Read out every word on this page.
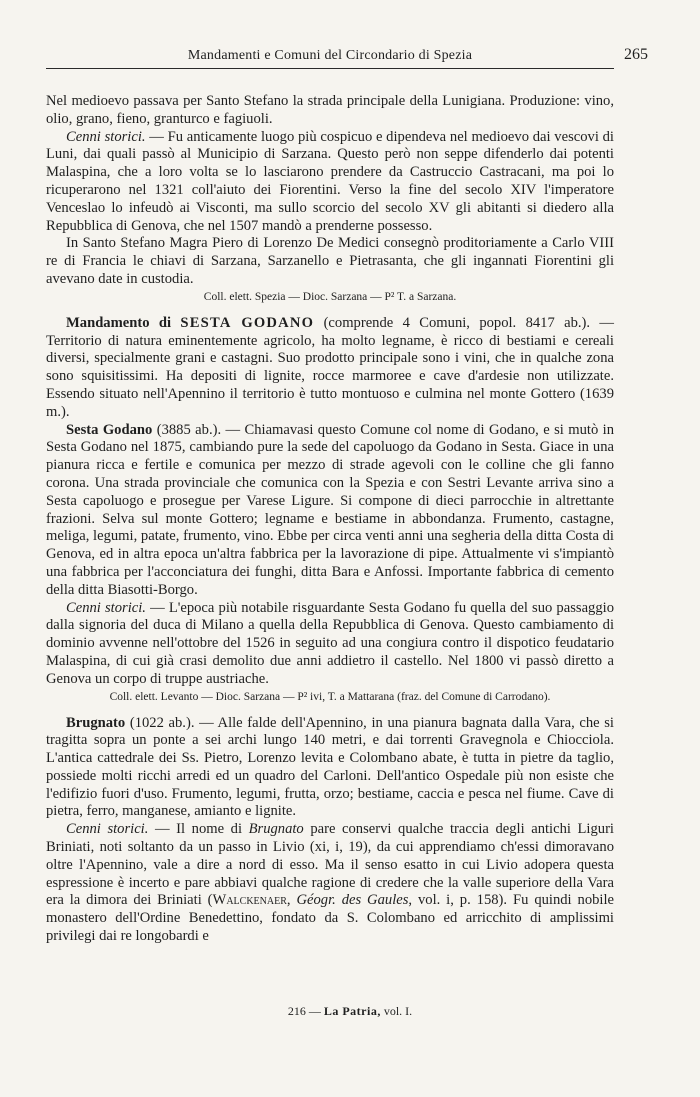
Mandamenti e Comuni del Circondario di Spezia	265

Nel medioevo passava per Santo Stefano la strada principale della Lunigiana. Produzione: vino, olio, grano, fieno, granturco e fagiuoli.

Cenni storici. — Fu anticamente luogo più cospicuo e dipendeva nel medioevo dai vescovi di Luni, dai quali passò al Municipio di Sarzana. Questo però non seppe difenderlo dai potenti Malaspina, che a loro volta se lo lasciarono prendere da Castruccio Castracani, ma poi lo ricuperarono nel 1321 coll'aiuto dei Fiorentini. Verso la fine del secolo XIV l'imperatore Venceslao lo infeudò ai Visconti, ma sullo scorcio del secolo XV gli abitanti si diedero alla Repubblica di Genova, che nel 1507 mandò a prenderne possesso.

In Santo Stefano Magra Piero di Lorenzo De Medici consegnò proditoriamente a Carlo VIII re di Francia le chiavi di Sarzana, Sarzanello e Pietrasanta, che gli ingannati Fiorentini gli avevano date in custodia.

Coll. elett. Spezia — Dioc. Sarzana — P² T. a Sarzana.

Mandamento di SESTA GODANO (comprende 4 Comuni, popol. 8417 ab.). — Territorio di natura eminentemente agricolo, ha molto legname, è ricco di bestiami e cereali diversi, specialmente grani e castagni. Suo prodotto principale sono i vini, che in qualche zona sono squisitissimi. Ha depositi di lignite, rocce marmoree e cave d'ardesie non utilizzate. Essendo situato nell'Apennino il territorio è tutto montuoso e culmina nel monte Gottero (1639 m.).

Sesta Godano (3885 ab.). — Chiamavasi questo Comune col nome di Godano, e si mutò in Sesta Godano nel 1875, cambiando pure la sede del capoluogo da Godano in Sesta. Giace in una pianura ricca e fertile e comunica per mezzo di strade agevoli con le colline che gli fanno corona. Una strada provinciale che comunica con la Spezia e con Sestri Levante arriva sino a Sesta capoluogo e prosegue per Varese Ligure. Si compone di dieci parrocchie in altrettante frazioni. Selva sul monte Gottero; legname e bestiame in abbondanza. Frumento, castagne, meliga, legumi, patate, frumento, vino. Ebbe per circa venti anni una segheria della ditta Costa di Genova, ed in altra epoca un'altra fabbrica per la lavorazione di pipe. Attualmente vi s'impiantò una fabbrica per l'acconciatura dei funghi, ditta Bara e Anfossi. Importante fabbrica di cemento della ditta Biasotti-Borgo.

Cenni storici. — L'epoca più notabile risguardante Sesta Godano fu quella del suo passaggio dalla signoria del duca di Milano a quella della Repubblica di Genova. Questo cambiamento di dominio avvenne nell'ottobre del 1526 in seguito ad una congiura contro il dispotico feudatario Malaspina, di cui già crasi demolito due anni addietro il castello. Nel 1800 vi passò diretto a Genova un corpo di truppe austriache.

Coll. elett. Levanto — Dioc. Sarzana — P² ivi, T. a Mattarana (fraz. del Comune di Carrodano).

Brugnato (1022 ab.). — Alle falde dell'Apennino, in una pianura bagnata dalla Vara, che si tragitta sopra un ponte a sei archi lungo 140 metri, e dai torrenti Gravegnola e Chiocciola. L'antica cattedrale dei Ss. Pietro, Lorenzo levita e Colombano abate, è tutta in pietre da taglio, possiede molti ricchi arredi ed un quadro del Carloni. Dell'antico Ospedale più non esiste che l'edifizio fuori d'uso. Frumento, legumi, frutta, orzo; bestiame, caccia e pesca nel fiume. Cave di pietra, ferro, manganese, amianto e lignite.

Cenni storici. — Il nome di Brugnato pare conservi qualche traccia degli antichi Liguri Briniati, noti soltanto da un passo in Livio (xi, i, 19), da cui apprendiamo ch'essi dimoravano oltre l'Apennino, vale a dire a nord di esso. Ma il senso esatto in cui Livio adopera questa espressione è incerto e pare abbiavi qualche ragione di credere che la valle superiore della Vara era la dimora dei Briniati (Walckenaer, Géogr. des Gaules, vol. i, p. 158). Fu quindi nobile monastero dell'Ordine Benedettino, fondato da S. Colombano ed arricchito di amplissimi privilegi dai re longobardi e

216 — La Patria, vol. I.
